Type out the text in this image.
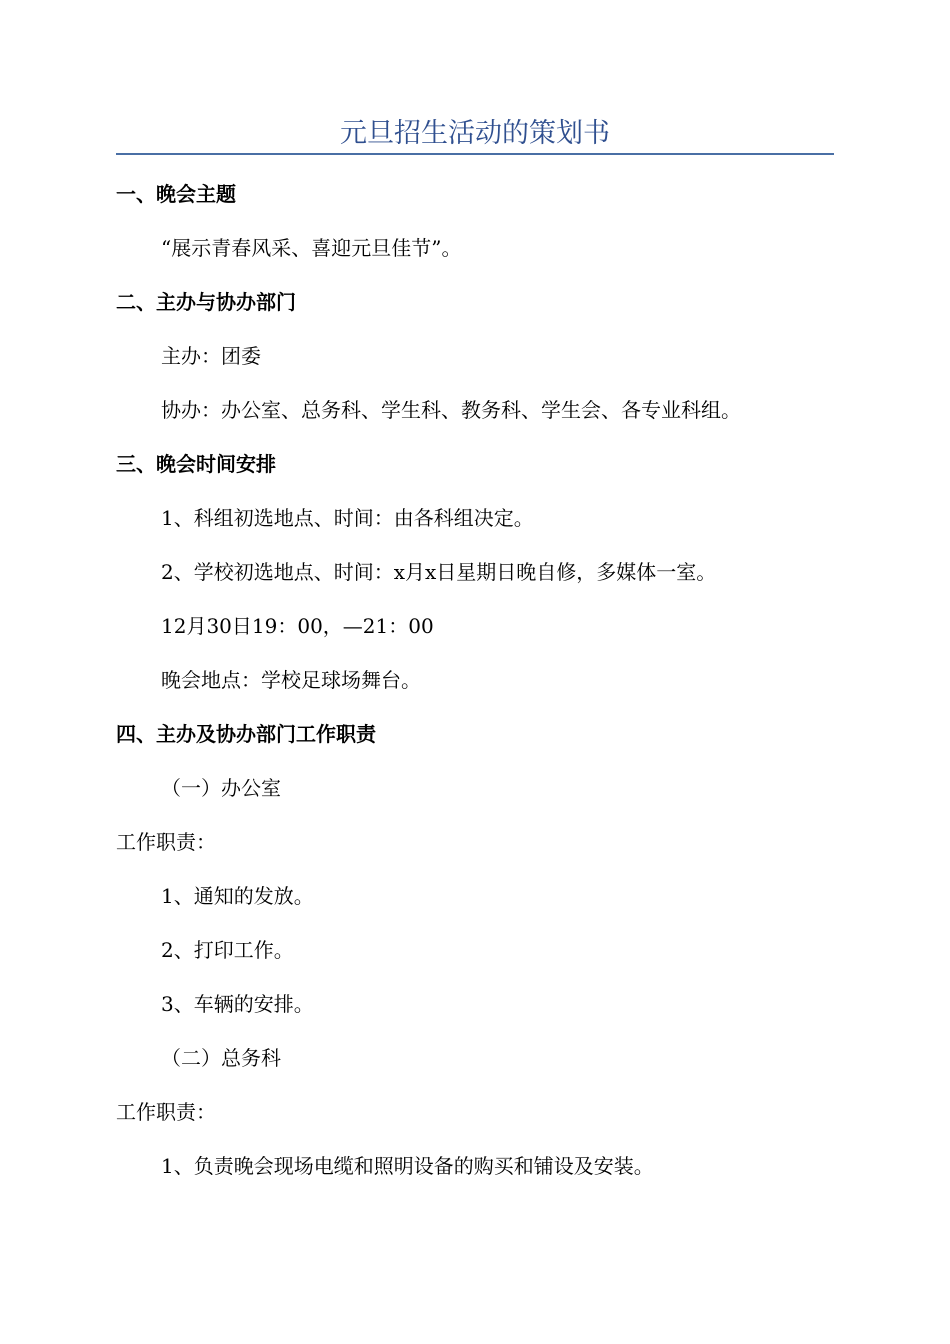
元旦招生活动的策划书

一、晚会主题

“展示青春风采、喜迎元旦佳节”。

二、主办与协办部门

主办：团委

协办：办公室、总务科、学生科、教务科、学生会、各专业科组。

三、晚会时间安排

1、科组初选地点、时间：由各科组决定。

2、学校初选地点、时间：x月x日星期日晚自修，多媒体一室。

12月30日19：00，—21：00

晚会地点：学校足球场舞台。

四、主办及协办部门工作职责

（一）办公室

工作职责：

1、通知的发放。

2、打印工作。

3、车辆的安排。

（二）总务科

工作职责：

1、负责晚会现场电缆和照明设备的购买和铺设及安装。
